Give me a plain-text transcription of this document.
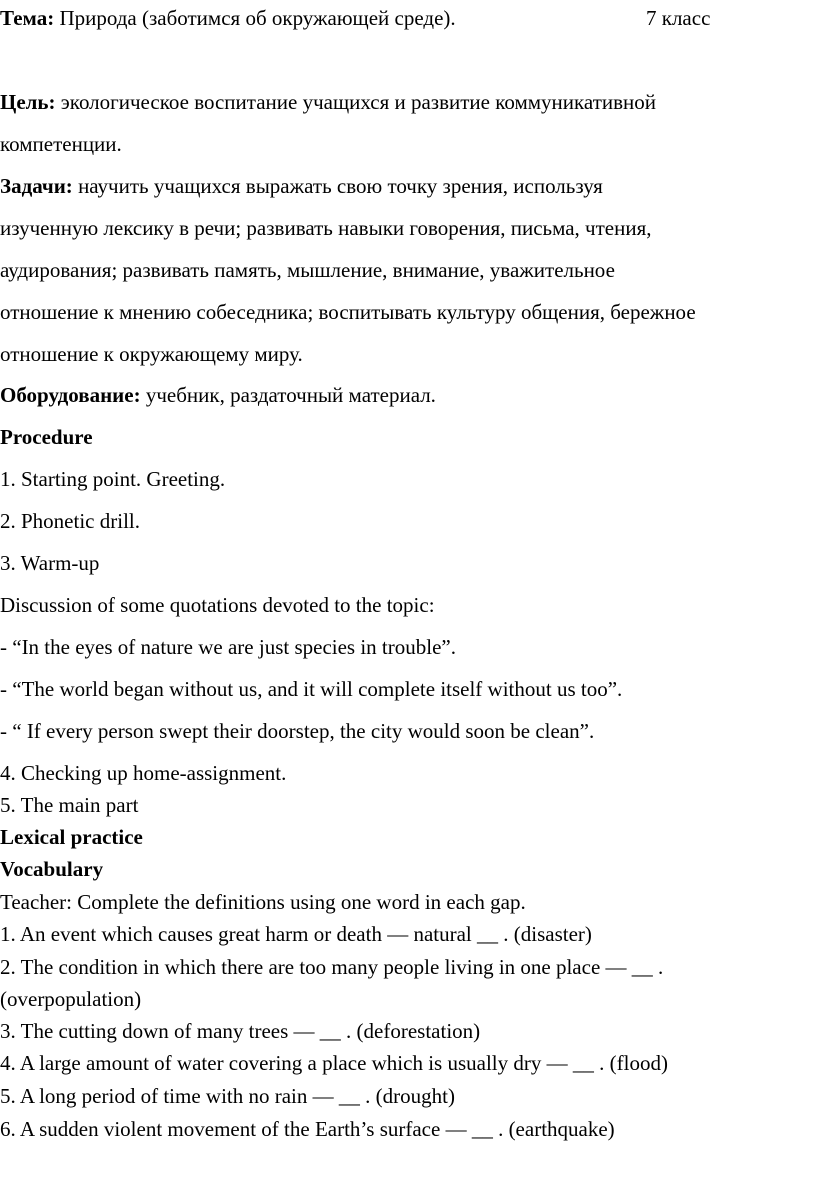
Тема: Природа (заботимся об окружающей среде).	7 класс
Цель: экологическое воспитание учащихся и развитие коммуникативной
компетенции.
Задачи: научить учащихся выражать свою точку зрения, используя
изученную лексику в речи; развивать навыки говорения, письма, чтения,
аудирования; развивать память, мышление, внимание, уважительное
отношение к мнению собеседника; воспитывать культуру общения, бережное
отношение к окружающему миру.
Оборудование: учебник, раздаточный материал.
Procedure
1. Starting point. Greeting.
2. Phonetic drill.
3. Warm-up
Discussion of some quotations devoted to the topic:
- “In the eyes of nature we are just species in trouble”.
- “The world began without us, and it will complete itself without us too”.
- “ If every person swept their doorstep, the city would soon be clean”.
4. Checking up home-assignment.
5. The main part
Lexical practice
Vocabulary
Teacher: Complete the definitions using one word in each gap.
1. An event which causes great harm or death — natural __ . (disaster)
2. The condition in which there are too many people living in one place — __ .
(overpopulation)
3. The cutting down of many trees — __ . (deforestation)
4. A large amount of water covering a place which is usually dry — __ . (flood)
5. A long period of time with no rain — __ . (drought)
6. A sudden violent movement of the Earth’s surface — __ . (earthquake)
